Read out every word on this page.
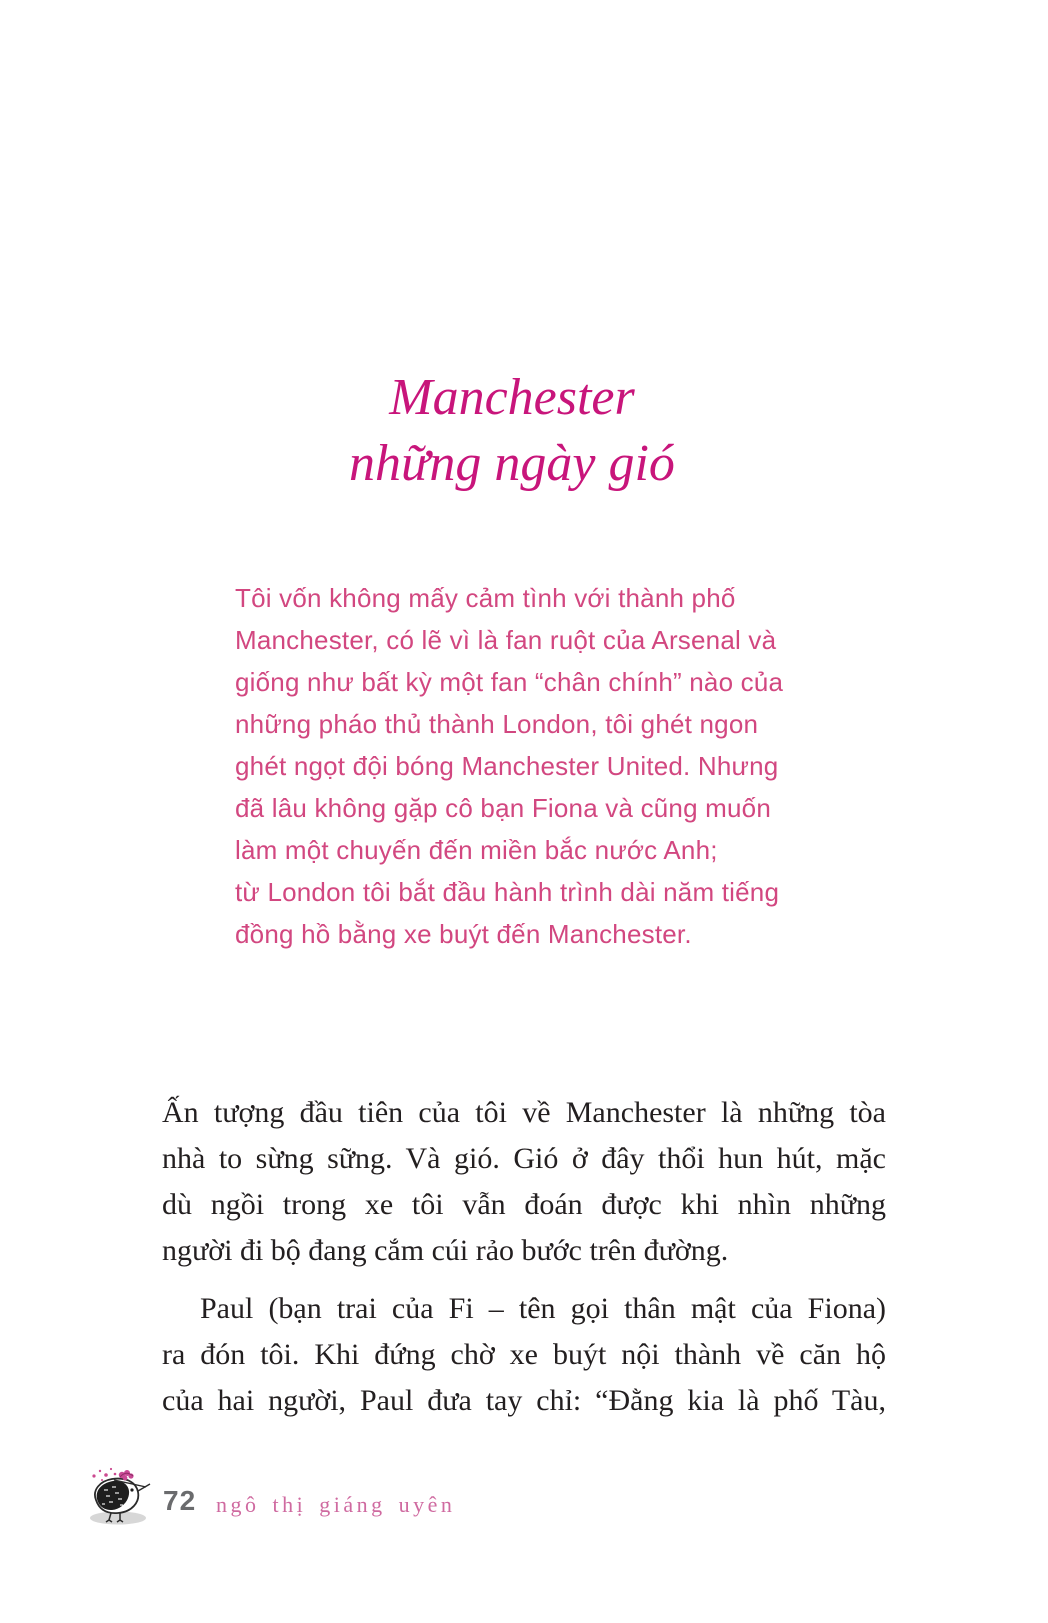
Manchester
những ngày gió
Tôi vốn không mấy cảm tình với thành phố
Manchester, có lẽ vì là fan ruột của Arsenal và
giống như bất kỳ một fan “chân chính” nào của
những pháo thủ thành London, tôi ghét ngon
ghét ngọt đội bóng Manchester United. Nhưng
đã lâu không gặp cô bạn Fiona và cũng muốn
làm một chuyến đến miền bắc nước Anh;
từ London tôi bắt đầu hành trình dài năm tiếng
đồng hồ bằng xe buýt đến Manchester.
Ấn tượng đầu tiên của tôi về Manchester là những tòa
nhà to sừng sững. Và gió. Gió ở đây thổi hun hút, mặc
dù ngồi trong xe tôi vẫn đoán được khi nhìn những
người đi bộ đang cắm cúi rảo bước trên đường.
Paul (bạn trai của Fi – tên gọi thân mật của Fiona)
ra đón tôi. Khi đứng chờ xe buýt nội thành về căn hộ
của hai người, Paul đưa tay chỉ: “Đằng kia là phố Tàu,
72 ngô thị giáng uyên
